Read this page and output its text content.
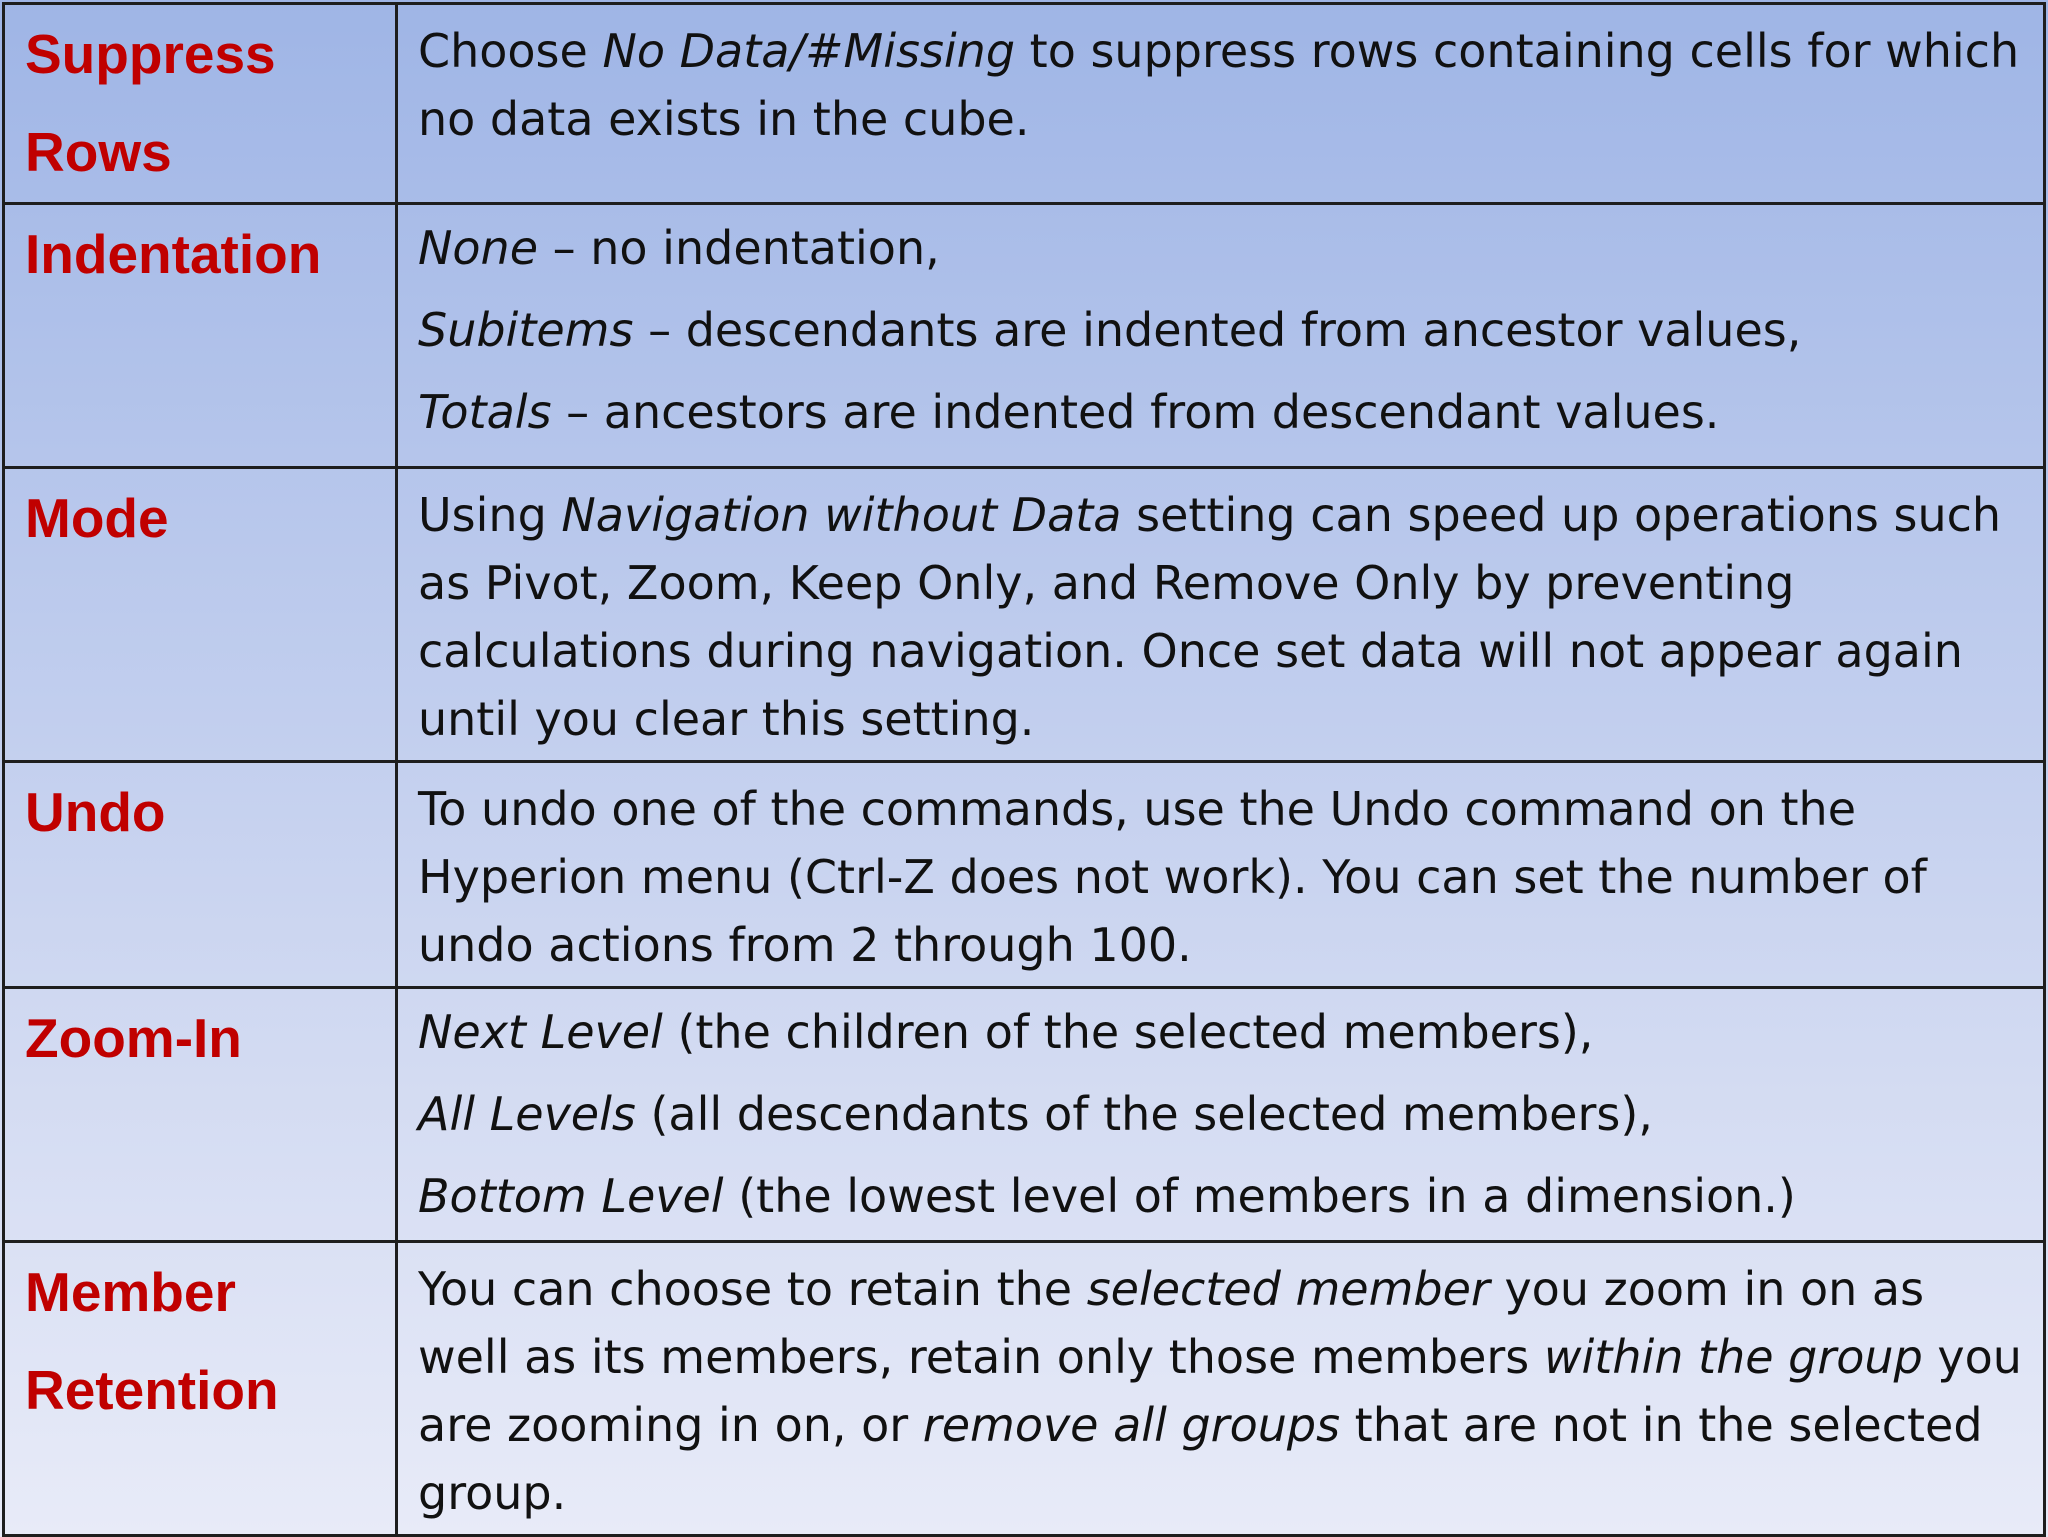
Suppress Rows	Choose No Data/#Missing to suppress rows containing cells for which no data exists in the cube.

Indentation	None – no indentation,
Subitems – descendants are indented from ancestor values,
Totals – ancestors are indented from descendant values.

Mode	Using Navigation without Data setting can speed up operations such as Pivot, Zoom, Keep Only, and Remove Only by preventing calculations during navigation. Once set data will not appear again until you clear this setting.

Undo	To undo one of the commands, use the Undo command on the Hyperion menu (Ctrl-Z does not work). You can set the number of undo actions from 2 through 100.

Zoom-In	Next Level (the children of the selected members),
All Levels (all descendants of the selected members),
Bottom Level (the lowest level of members in a dimension.)

Member Retention	You can choose to retain the selected member you zoom in on as well as its members, retain only those members within the group you are zooming in on, or remove all groups that are not in the selected group.
